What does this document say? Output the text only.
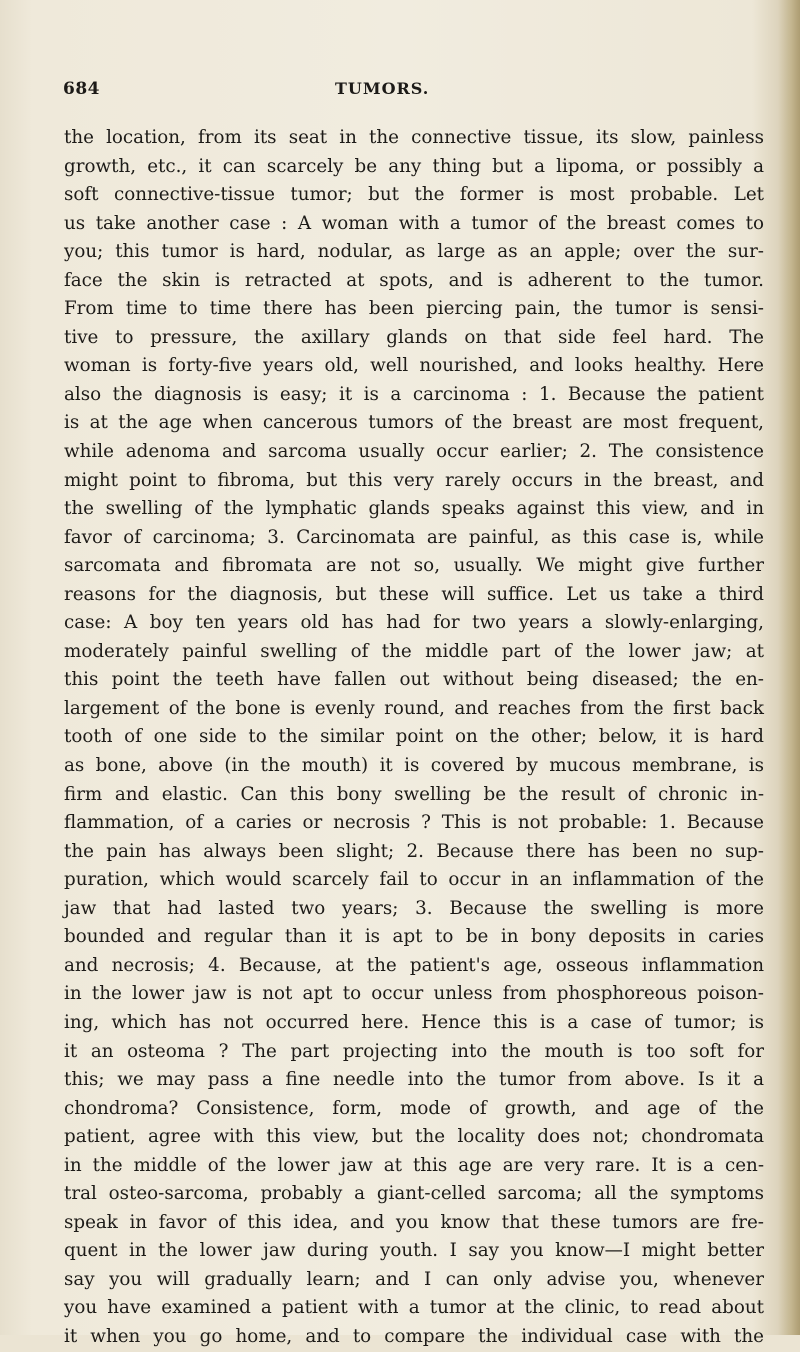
684	TUMORS.
the location, from its seat in the connective tissue, its slow, painless
growth, etc., it can scarcely be any thing but a lipoma, or possibly a
soft connective-tissue tumor; but the former is most probable. Let
us take another case : A woman with a tumor of the breast comes to
you; this tumor is hard, nodular, as large as an apple; over the sur-
face the skin is retracted at spots, and is adherent to the tumor.
From time to time there has been piercing pain, the tumor is sensi-
tive to pressure, the axillary glands on that side feel hard. The
woman is forty-five years old, well nourished, and looks healthy. Here
also the diagnosis is easy; it is a carcinoma : 1. Because the patient
is at the age when cancerous tumors of the breast are most frequent,
while adenoma and sarcoma usually occur earlier; 2. The consistence
might point to fibroma, but this very rarely occurs in the breast, and
the swelling of the lymphatic glands speaks against this view, and in
favor of carcinoma; 3. Carcinomata are painful, as this case is, while
sarcomata and fibromata are not so, usually. We might give further
reasons for the diagnosis, but these will suffice. Let us take a third
case: A boy ten years old has had for two years a slowly-enlarging,
moderately painful swelling of the middle part of the lower jaw; at
this point the teeth have fallen out without being diseased; the en-
largement of the bone is evenly round, and reaches from the first back
tooth of one side to the similar point on the other; below, it is hard
as bone, above (in the mouth) it is covered by mucous membrane, is
firm and elastic. Can this bony swelling be the result of chronic in-
flammation, of a caries or necrosis ? This is not probable: 1. Because
the pain has always been slight; 2. Because there has been no sup-
puration, which would scarcely fail to occur in an inflammation of the
jaw that had lasted two years; 3. Because the swelling is more
bounded and regular than it is apt to be in bony deposits in caries
and necrosis; 4. Because, at the patient's age, osseous inflammation
in the lower jaw is not apt to occur unless from phosphoreous poison-
ing, which has not occurred here. Hence this is a case of tumor; is
it an osteoma ? The part projecting into the mouth is too soft for
this; we may pass a fine needle into the tumor from above. Is it a
chondroma? Consistence, form, mode of growth, and age of the
patient, agree with this view, but the locality does not; chondromata
in the middle of the lower jaw at this age are very rare. It is a cen-
tral osteo-sarcoma, probably a giant-celled sarcoma; all the symptoms
speak in favor of this idea, and you know that these tumors are fre-
quent in the lower jaw during youth. I say you know—I might better
say you will gradually learn; and I can only advise you, whenever
you have examined a patient with a tumor at the clinic, to read about
it when you go home, and to compare the individual case with the
